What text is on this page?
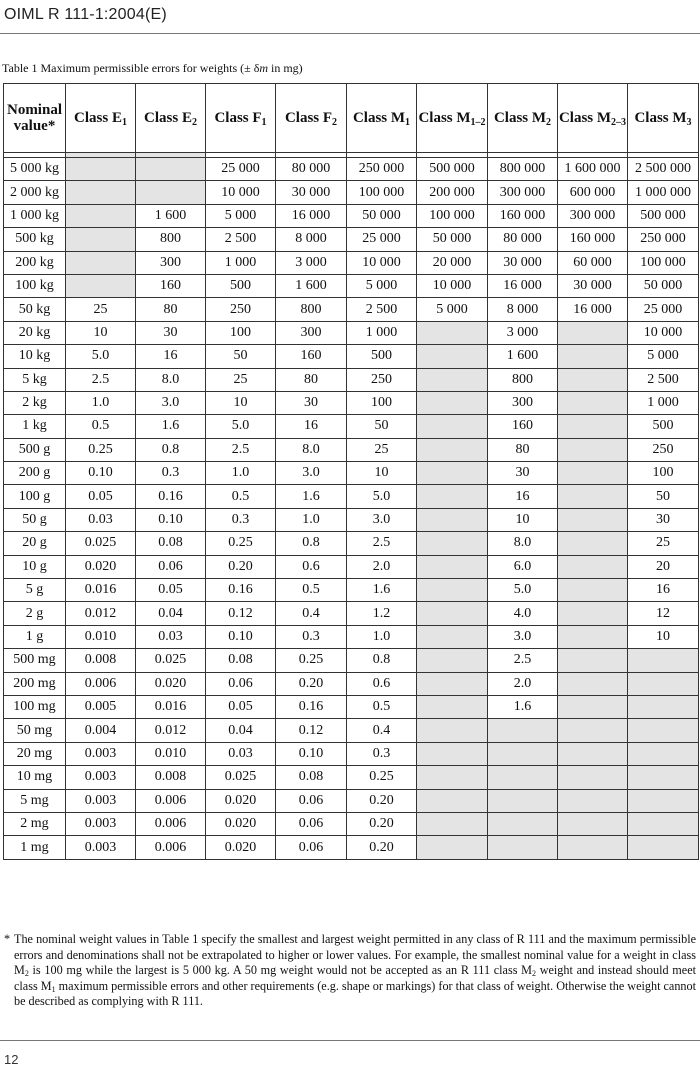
OIML R 111-1:2004(E)
Table 1 Maximum permissible errors for weights (± δm in mg)
Nominal value*	Class $E_1$	Class $E_2$	Class $F_1$	Class $F_2$	Class $M_1$	Class $M_{1-2}$	Class $M_2$	Class $M_{2-3}$	Class $M_3$

5 000 kg			25 000	80 000	250 000	500 000	800 000	1 600 000	2 500 000
2 000 kg			10 000	30 000	100 000	200 000	300 000	600 000	1 000 000
1 000 kg		1 600	5 000	16 000	50 000	100 000	160 000	300 000	500 000
500 kg		800	2 500	8 000	25 000	50 000	80 000	160 000	250 000
200 kg		300	1 000	3 000	10 000	20 000	30 000	60 000	100 000
100 kg		160	500	1 600	5 000	10 000	16 000	30 000	50 000
50 kg	25	80	250	800	2 500	5 000	8 000	16 000	25 000
20 kg	10	30	100	300	1 000		3 000		10 000
10 kg	5.0	16	50	160	500		1 600		5 000
5 kg	2.5	8.0	25	80	250		800		2 500
2 kg	1.0	3.0	10	30	100		300		1 000
1 kg	0.5	1.6	5.0	16	50		160		500
500 g	0.25	0.8	2.5	8.0	25		80		250
200 g	0.10	0.3	1.0	3.0	10		30		100
100 g	0.05	0.16	0.5	1.6	5.0		16		50
50 g	0.03	0.10	0.3	1.0	3.0		10		30
20 g	0.025	0.08	0.25	0.8	2.5		8.0		25
10 g	0.020	0.06	0.20	0.6	2.0		6.0		20
5 g	0.016	0.05	0.16	0.5	1.6		5.0		16
2 g	0.012	0.04	0.12	0.4	1.2		4.0		12
1 g	0.010	0.03	0.10	0.3	1.0		3.0		10
500 mg	0.008	0.025	0.08	0.25	0.8		2.5		
200 mg	0.006	0.020	0.06	0.20	0.6		2.0		
100 mg	0.005	0.016	0.05	0.16	0.5		1.6		
50 mg	0.004	0.012	0.04	0.12	0.4				
20 mg	0.003	0.010	0.03	0.10	0.3				
10 mg	0.003	0.008	0.025	0.08	0.25				
5 mg	0.003	0.006	0.020	0.06	0.20				
2 mg	0.003	0.006	0.020	0.06	0.20				
1 mg	0.003	0.006	0.020	0.06	0.20				
* The nominal weight values in Table 1 specify the smallest and largest weight permitted in any class of R 111 and the maximum permissible errors and denominations shall not be extrapolated to higher or lower values. For example, the smallest nominal value for a weight in class $M_2$ is 100 mg while the largest is 5 000 kg. A 50 mg weight would not be accepted as an R 111 class $M_2$ weight and instead should meet class $M_1$ maximum permissible errors and other requirements (e.g. shape or markings) for that class of weight. Otherwise the weight cannot be described as complying with R 111.
12
